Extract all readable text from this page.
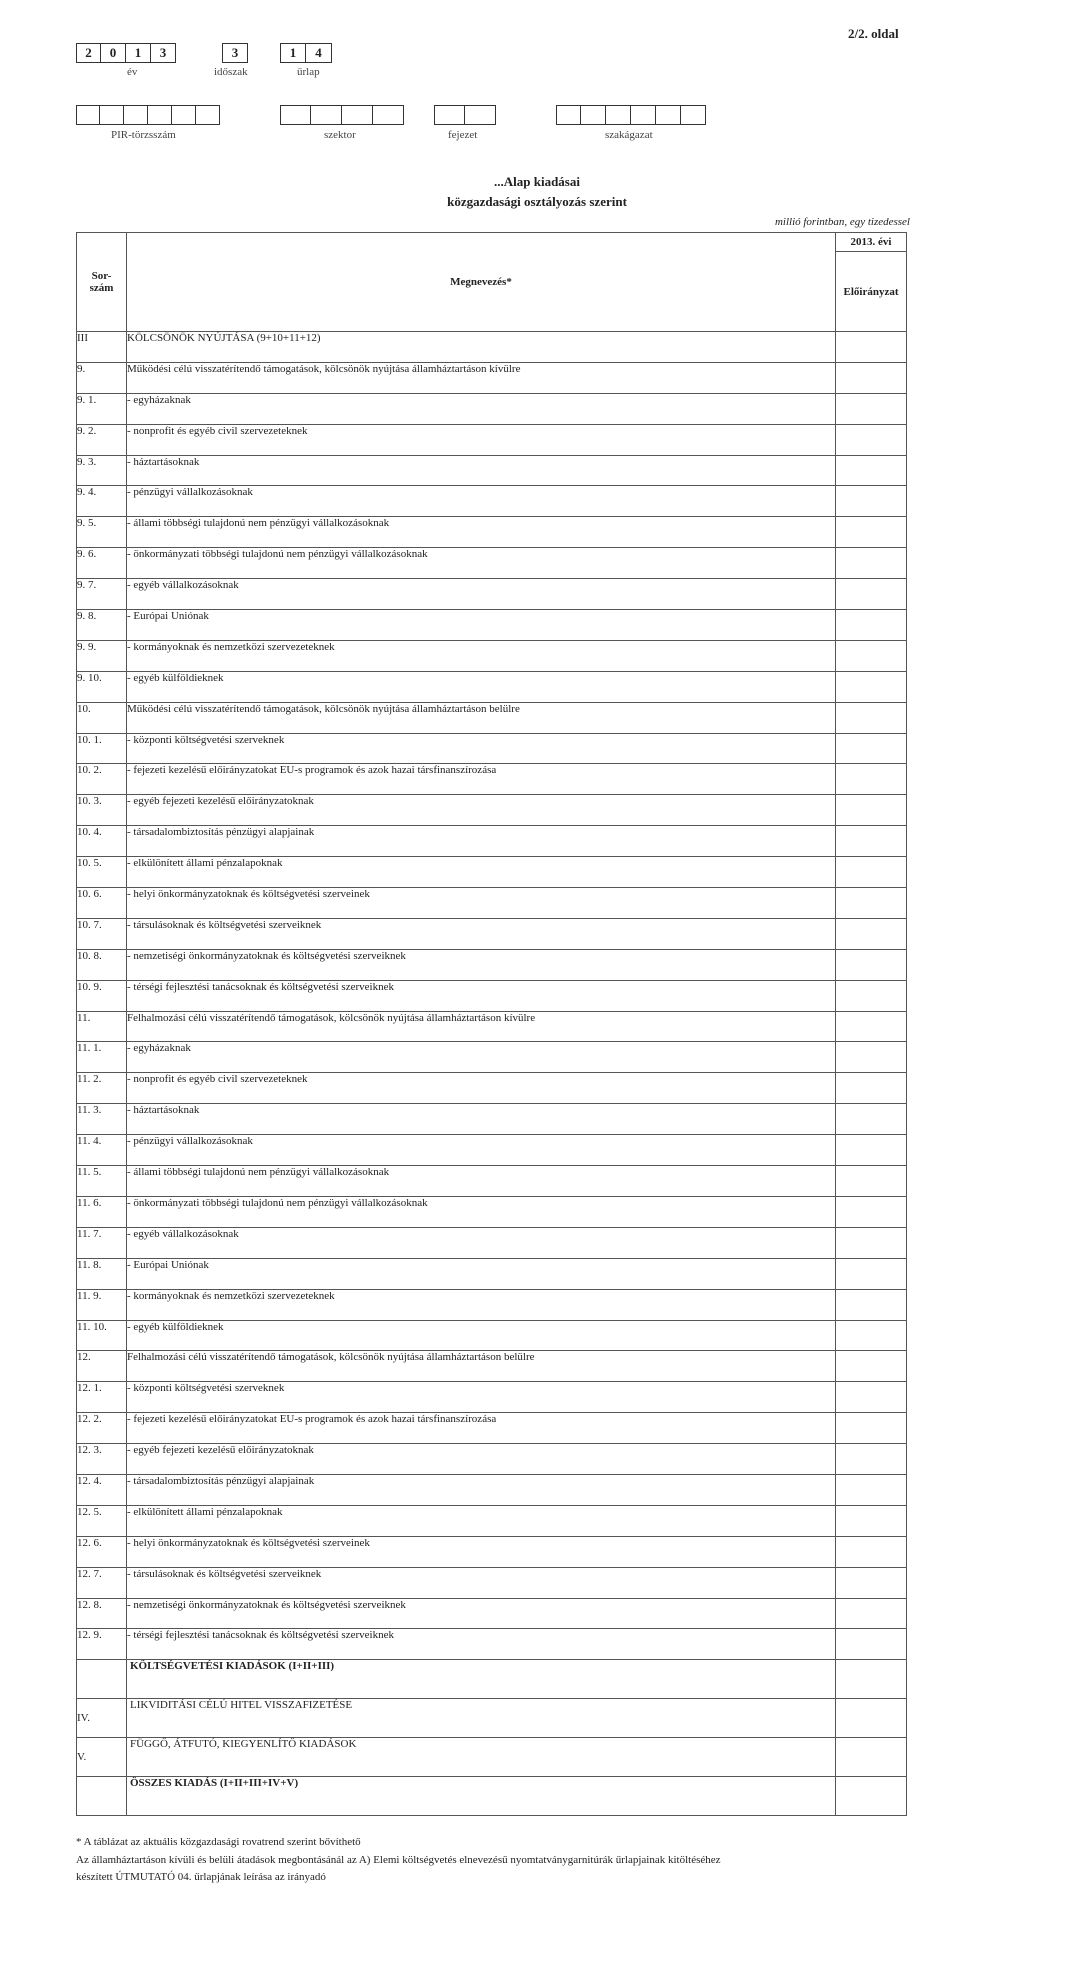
2/2. oldal
2	0	1	3
év
3
időszak
1	4
űrlap
PIR-törzsszám	szektor	fejezet	szakágazat
...Alap kiadásai
közgazdasági osztályozás szerint
millió forintban, egy tizedessel
Sor-
szám	Megnevezés*	2013. évi
		Előirányzat
III	KÖLCSÖNÖK NYÚJTÁSA (9+10+11+12)	
9.	Működési célú visszatérítendő támogatások, kölcsönök nyújtása államháztartáson kívülre	
9. 1.	- egyházaknak	
9. 2.	- nonprofit és egyéb civil szervezeteknek	
9. 3.	- háztartásoknak	
9. 4.	- pénzügyi vállalkozásoknak	
9. 5.	- állami többségi tulajdonú nem pénzügyi vállalkozásoknak	
9. 6.	- önkormányzati többségi tulajdonú nem pénzügyi vállalkozásoknak	
9. 7.	- egyéb vállalkozásoknak	
9. 8.	- Európai Uniónak	
9. 9.	- kormányoknak és nemzetközi szervezeteknek	
9. 10.	- egyéb külföldieknek	
10.	Működési célú visszatérítendő támogatások, kölcsönök nyújtása államháztartáson belülre	
10. 1.	- központi költségvetési szerveknek	
10. 2.	- fejezeti kezelésű előirányzatokat EU-s programok és azok hazai társfinanszírozása	
10. 3.	- egyéb fejezeti kezelésű előirányzatoknak	
10. 4.	- társadalombiztosítás pénzügyi alapjainak	
10. 5.	- elkülönített állami pénzalapoknak	
10. 6.	- helyi önkormányzatoknak és költségvetési szerveinek	
10. 7.	- társulásoknak és költségvetési szerveiknek	
10. 8.	- nemzetiségi önkormányzatoknak és költségvetési szerveiknek	
10. 9.	- térségi fejlesztési tanácsoknak és költségvetési szerveiknek	
11.	Felhalmozási célú visszatérítendő támogatások, kölcsönök nyújtása államháztartáson kívülre	
11. 1.	- egyházaknak	
11. 2.	- nonprofit és egyéb civil szervezeteknek	
11. 3.	- háztartásoknak	
11. 4.	- pénzügyi vállalkozásoknak	
11. 5.	- állami többségi tulajdonú nem pénzügyi vállalkozásoknak	
11. 6.	- önkormányzati többségi tulajdonú nem pénzügyi vállalkozásoknak	
11. 7.	- egyéb vállalkozásoknak	
11. 8.	- Európai Uniónak	
11. 9.	- kormányoknak és nemzetközi szervezeteknek	
11. 10.	- egyéb külföldieknek	
12.	Felhalmozási célú visszatérítendő támogatások, kölcsönök nyújtása államháztartáson belülre	
12. 1.	- központi költségvetési szerveknek	
12. 2.	- fejezeti kezelésű előirányzatokat EU-s programok és azok hazai társfinanszírozása	
12. 3.	- egyéb fejezeti kezelésű előirányzatoknak	
12. 4.	- társadalombiztosítás pénzügyi alapjainak	
12. 5.	- elkülönített állami pénzalapoknak	
12. 6.	- helyi önkormányzatoknak és költségvetési szerveinek	
12. 7.	- társulásoknak és költségvetési szerveiknek	
12. 8.	- nemzetiségi önkormányzatoknak és költségvetési szerveiknek	
12. 9.	- térségi fejlesztési tanácsoknak és költségvetési szerveiknek	
	KÖLTSÉGVETÉSI KIADÁSOK (I+II+III)	
IV.	LIKVIDITÁSI CÉLÚ HITEL VISSZAFIZETÉSE	
V.	FÜGGŐ, ÁTFUTÓ, KIEGYENLÍTŐ KIADÁSOK	
	ÖSSZES KIADÁS (I+II+III+IV+V)	
* A táblázat az aktuális közgazdasági rovatrend szerint bővíthető
Az államháztartáson kívüli és belüli átadások megbontásánál az A) Elemi költségvetés elnevezésű nyomtatványgarnitúrák űrlapjainak kitöltéséhez
készített ÚTMUTATÓ 04. űrlapjának leírása az irányadó
